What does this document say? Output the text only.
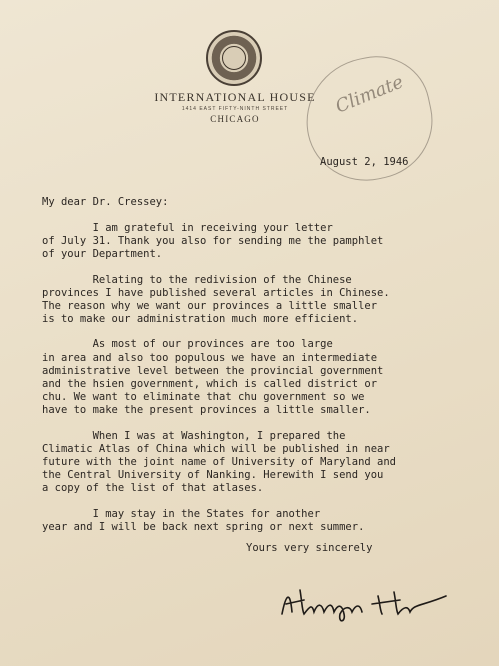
INTERNATIONAL HOUSE
1414 EAST FIFTY-NINTH STREET
CHICAGO
Climate
August 2, 1946
My dear Dr. Cressey:

I am grateful in receiving your letter
of July 31. Thank you also for sending me the pamphlet
of your Department.

Relating to the redivision of the Chinese
provinces I have published several articles in Chinese.
The reason why we want our provinces a little smaller
is to make our administration much more efficient.

As most of our provinces are too large
in area and also too populous we have an intermediate
administrative level between the provincial government
and the hsien government, which is called district or
chu. We want to eliminate that chu government so we
have to make the present provinces a little smaller.

When I was at Washington, I prepared the
Climatic Atlas of China which will be published in near
future with the joint name of University of Maryland and
the Central University of Nanking. Herewith I send you
a copy of the list of that atlases.

I may stay in the States for another
year and I will be back next spring or next summer.

Yours very sincerely
